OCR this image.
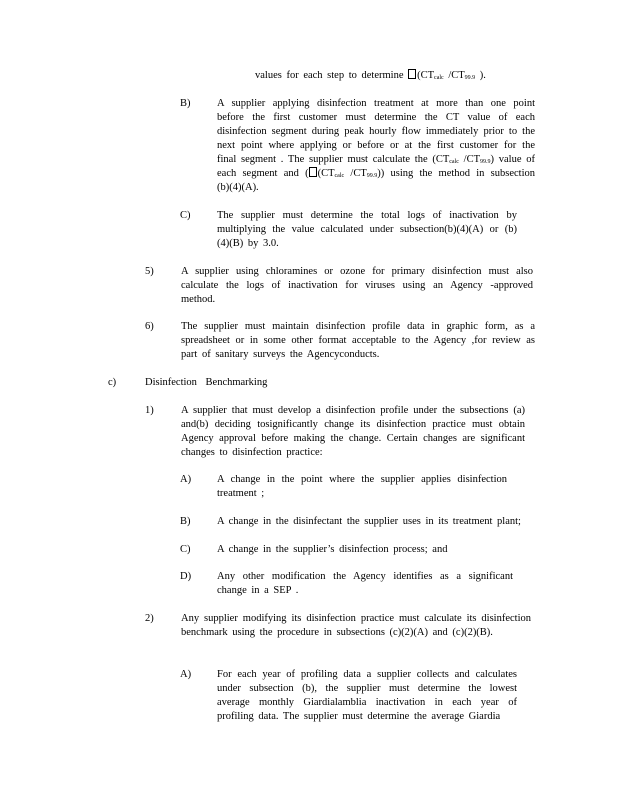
values for each step to determine ($CT_{calc}$ $/CT_{99.9}$ ).
B)	A supplier applying disinfection treatment at more than one point before the first customer must determine the CT value of each disinfection segment during peak hourly flow immediately prior to the next point where applying or before or at the first customer for the final segment . The supplier must calculate the ($CT_{calc}$ $/CT_{99.9}$) value of each segment and ( ($CT_{calc}$ $/CT_{99.9}$)) using the method in subsection (b)(4)(A).
C)	The supplier must determine the total logs of inactivation by multiplying the value calculated under subsection(b)(4)(A) or (b)(4)(B) by 3.0.
5)	A supplier using chloramines or ozone for primary disinfection must also calculate the logs of inactivation for viruses using an Agency -approved method.
6)	The supplier must maintain disinfection profile data in graphic form, as a spreadsheet or in some other format acceptable to the Agency ,for review as part of sanitary surveys the Agencyconducts.
c)	Disinfection Benchmarking
1)	A supplier that must develop a disinfection profile under the subsections (a) and(b) deciding tosignificantly change its disinfection practice must obtain Agency approval before making the change. Certain changes are significant changes to disinfection practice:
A) A change in the point where the supplier applies disinfection treatment ;
B)	A change in the disinfectant the supplier uses in its treatment plant;
C)	A change in the supplier’s disinfection process; and
D) Any other modification the Agency identifies as a significant change in a SEP .
2)	Any supplier modifying its disinfection practice must calculate its disinfection benchmark using the procedure in subsections (c)(2)(A) and (c)(2)(B).
A) For each year of profiling data a supplier collects and calculates under subsection (b), the supplier must determine the lowest average monthly Giardialamblia inactivation in each year of profiling data. The supplier must determine the average Giardia
